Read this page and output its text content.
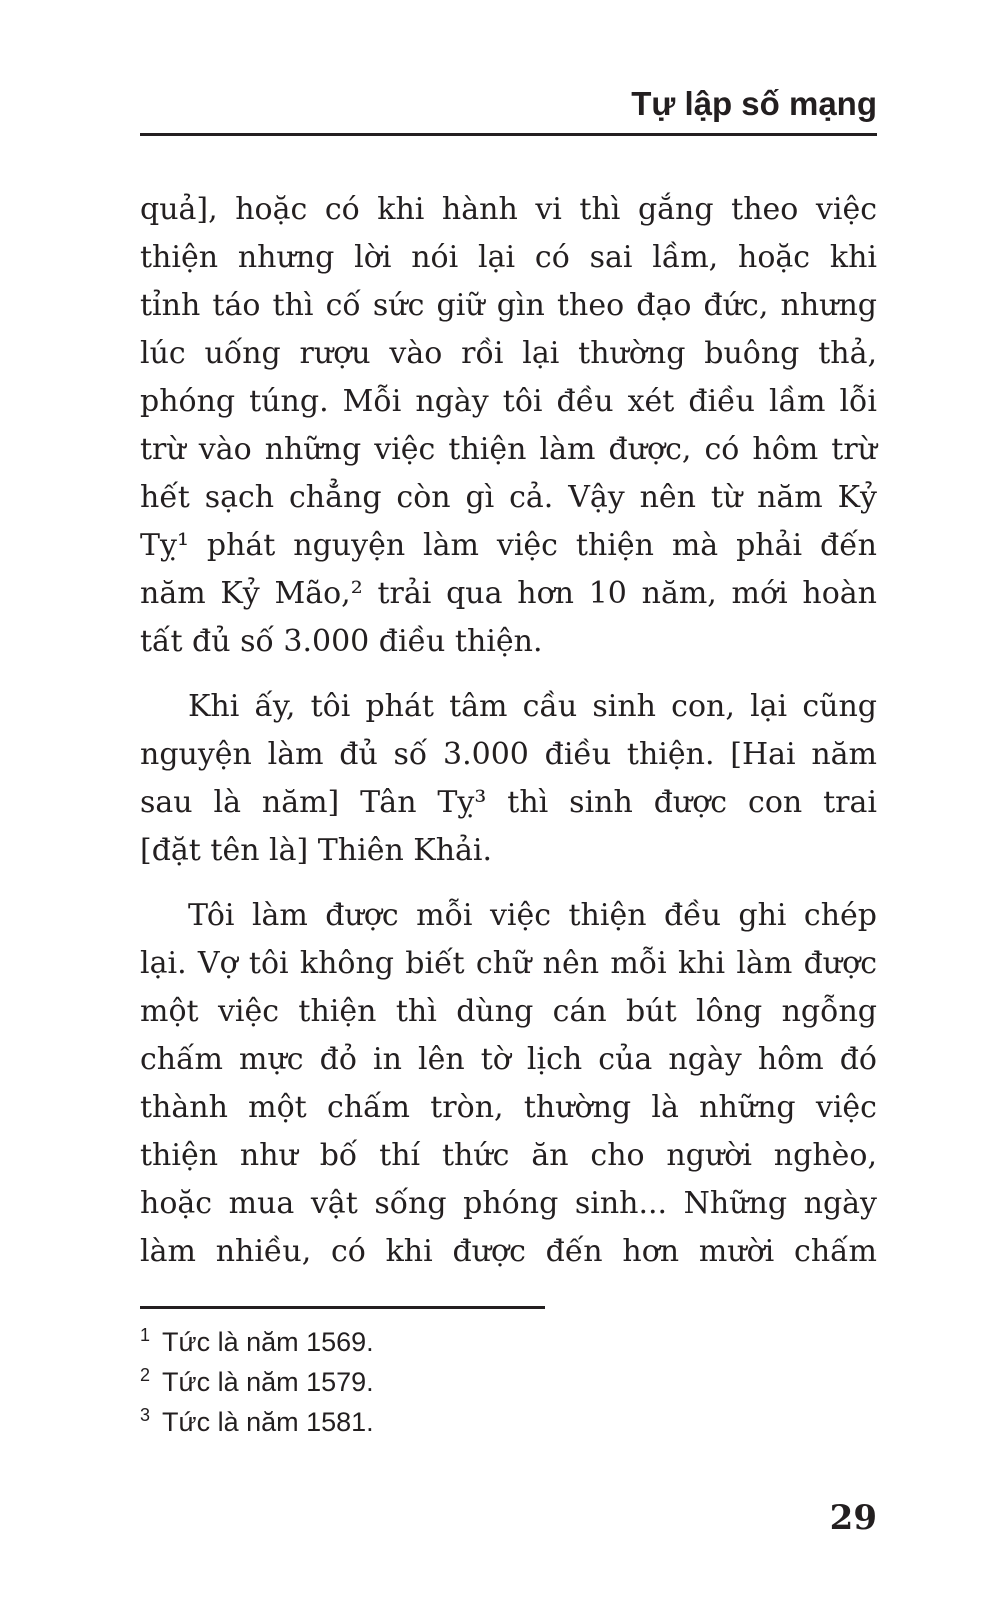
Tự lập số mạng
quả], hoặc có khi hành vi thì gắng theo việc
thiện nhưng lời nói lại có sai lầm, hoặc khi
tỉnh táo thì cố sức giữ gìn theo đạo đức, nhưng
lúc uống rượu vào rồi lại thường buông thả,
phóng túng. Mỗi ngày tôi đều xét điều lầm lỗi
trừ vào những việc thiện làm được, có hôm trừ
hết sạch chẳng còn gì cả. Vậy nên từ năm Kỷ
Tỵ¹ phát nguyện làm việc thiện mà phải đến
năm Kỷ Mão,² trải qua hơn 10 năm, mới hoàn
tất đủ số 3.000 điều thiện.
Khi ấy, tôi phát tâm cầu sinh con, lại cũng
nguyện làm đủ số 3.000 điều thiện. [Hai năm
sau là năm] Tân Tỵ³ thì sinh được con trai
[đặt tên là] Thiên Khải.
Tôi làm được mỗi việc thiện đều ghi chép
lại. Vợ tôi không biết chữ nên mỗi khi làm được
một việc thiện thì dùng cán bút lông ngỗng
chấm mực đỏ in lên tờ lịch của ngày hôm đó
thành một chấm tròn, thường là những việc
thiện như bố thí thức ăn cho người nghèo,
hoặc mua vật sống phóng sinh... Những ngày
làm nhiều, có khi được đến hơn mười chấm
1 Tức là năm 1569.
2 Tức là năm 1579.
3 Tức là năm 1581.
29
